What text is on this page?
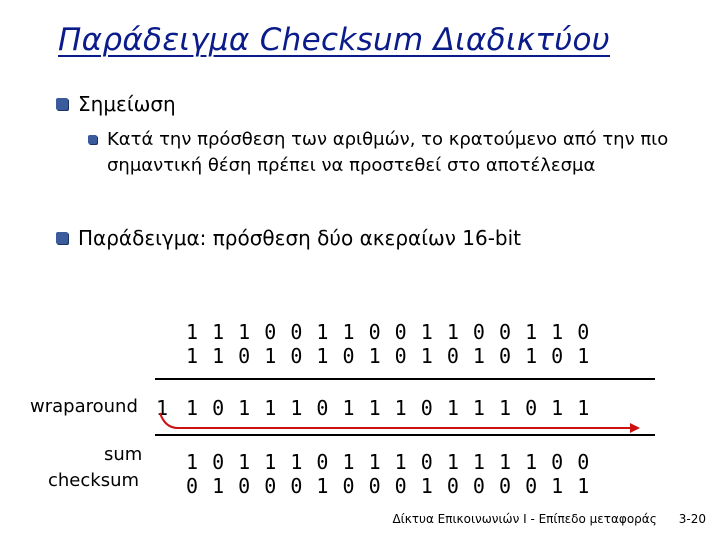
Παράδειγμα Checksum Διαδικτύου
Σημείωση
Κατά την πρόσθεση των αριθμών, το κρατούμενο από την πιο σημαντική θέση πρέπει να προστεθεί στο αποτέλεσμα
Παράδειγμα: πρόσθεση δύο ακεραίων 16-bit
1 1 1 0 0 1 1 0 0 1 1 0 0 1 1 0
1 1 0 1 0 1 0 1 0 1 0 1 0 1 0 1
wraparound 1 1 0 1 1 1 0 1 1 1 0 1 1 1 0 1 1
sum 1 0 1 1 1 0 1 1 1 0 1 1 1 1 0 0
checksum 0 1 0 0 0 1 0 0 0 1 0 0 0 0 1 1
Δίκτυα Επικοινωνιών Ι - Επίπεδο μεταφοράς 3-20
